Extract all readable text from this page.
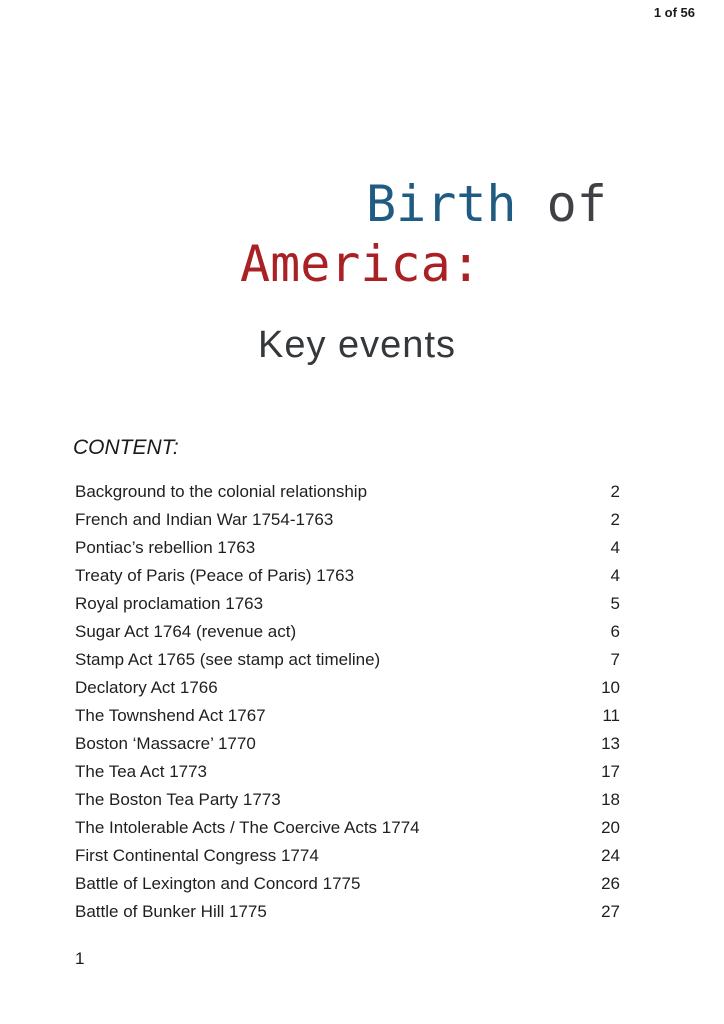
1 of 56
Birth of
America:
Key events
CONTENT:
Background to the colonial relationship	2
French and Indian War 1754-1763	2
Pontiac’s rebellion 1763	4
Treaty of Paris (Peace of Paris) 1763	4
Royal proclamation 1763	5
Sugar Act 1764 (revenue act)	6
Stamp Act 1765 (see stamp act timeline)	7
Declatory Act 1766	10
The Townshend Act 1767	11
Boston ‘Massacre’ 1770	13
The Tea Act 1773	17
The Boston Tea Party 1773	18
The Intolerable Acts / The Coercive Acts 1774	20
First Continental Congress 1774	24
Battle of Lexington and Concord 1775	26
Battle of Bunker Hill 1775	27
1
